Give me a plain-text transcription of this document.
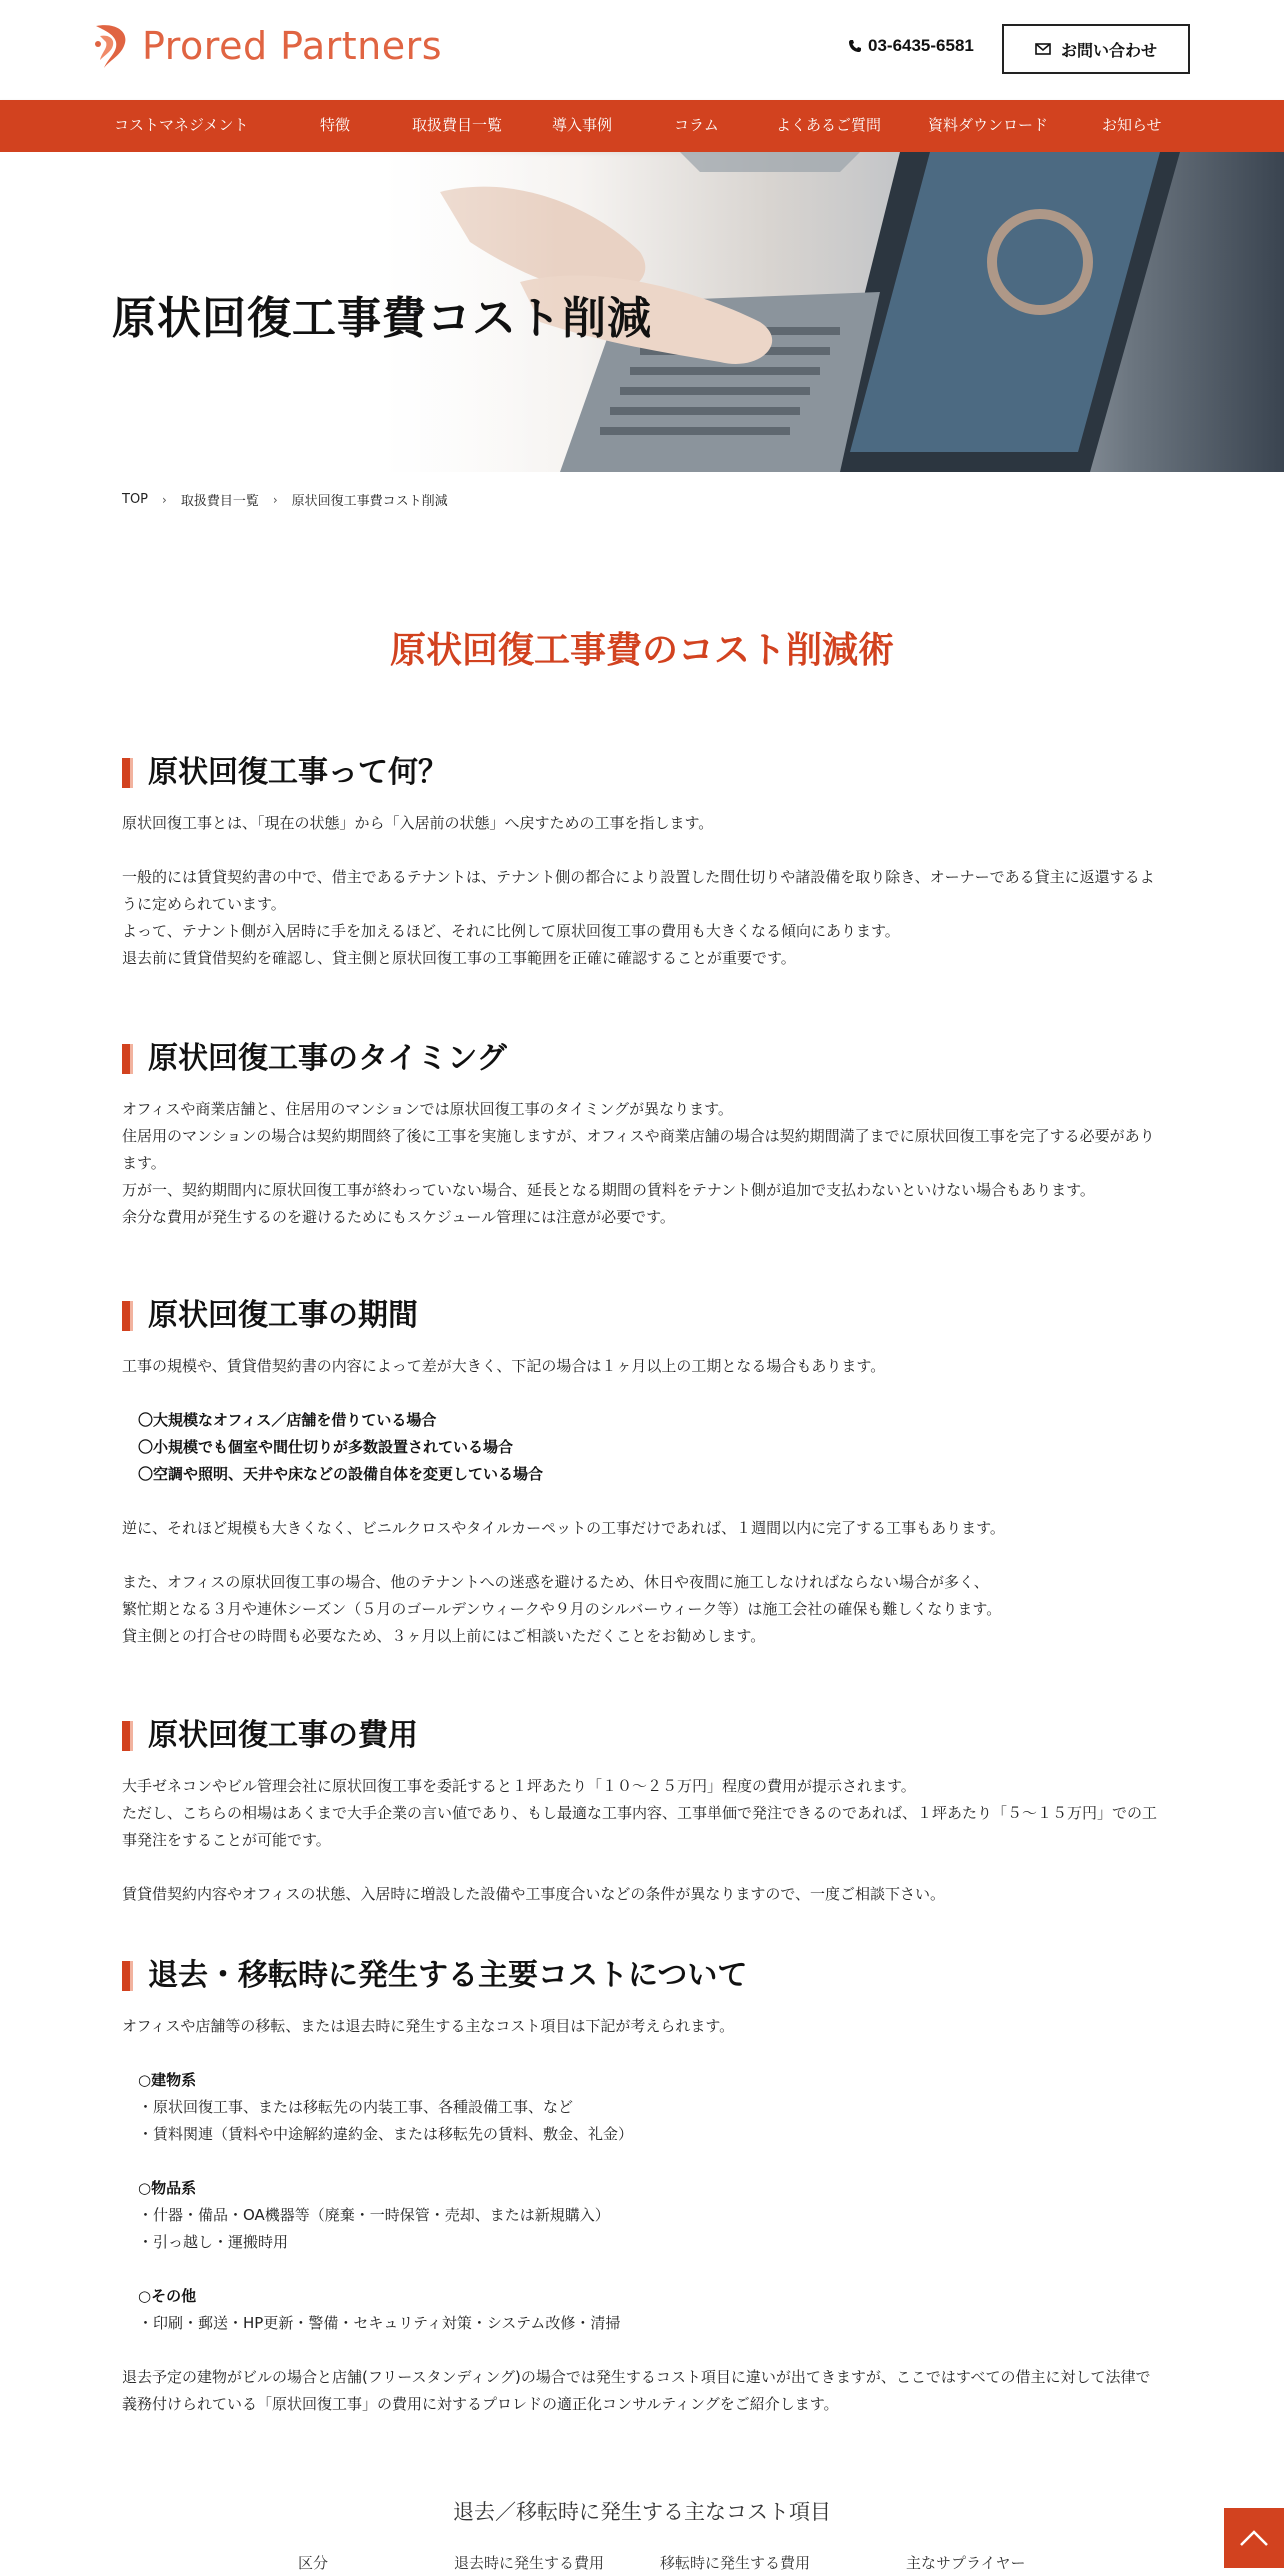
Prored Partners	03-6435-6581	お問い合わせ
コストマネジメント	特徴	取扱費目一覧	導入事例	コラム	よくあるご質問	資料ダウンロード	お知らせ
原状回復工事費コスト削減
TOP › 取扱費目一覧 › 原状回復工事費コスト削減
原状回復工事費のコスト削減術
原状回復工事って何？

原状回復工事とは、「現在の状態」から「入居前の状態」へ戻すための工事を指します。

一般的には賃貸契約書の中で、借主であるテナントは、テナント側の都合により設置した間仕切りや諸設備を取り除き、オーナーである貸主に返還するように定められています。

よって、テナント側が入居時に手を加えるほど、それに比例して原状回復工事の費用も大きくなる傾向にあります。

退去前に賃貸借契約を確認し、貸主側と原状回復工事の工事範囲を正確に確認することが重要です。

原状回復工事のタイミング

オフィスや商業店舗と、住居用のマンションでは原状回復工事のタイミングが異なります。

住居用のマンションの場合は契約期間終了後に工事を実施しますが、オフィスや商業店舗の場合は契約期間満了までに原状回復工事を完了する必要があります。

万が一、契約期間内に原状回復工事が終わっていない場合、延長となる期間の賃料をテナント側が追加で支払わないといけない場合もあります。

余分な費用が発生するのを避けるためにもスケジュール管理には注意が必要です。

原状回復工事の期間

工事の規模や、賃貸借契約書の内容によって差が大きく、下記の場合は１ヶ月以上の工期となる場合もあります。

〇大規模なオフィス／店舗を借りている場合
〇小規模でも個室や間仕切りが多数設置されている場合
〇空調や照明、天井や床などの設備自体を変更している場合

逆に、それほど規模も大きくなく、ビニルクロスやタイルカーペットの工事だけであれば、１週間以内に完了する工事もあります。

また、オフィスの原状回復工事の場合、他のテナントへの迷惑を避けるため、休日や夜間に施工しなければならない場合が多く、

繁忙期となる３月や連休シーズン（５月のゴールデンウィークや９月のシルバーウィーク等）は施工会社の確保も難しくなります。

貸主側との打合せの時間も必要なため、３ヶ月以上前にはご相談いただくことをお勧めします。

原状回復工事の費用

大手ゼネコンやビル管理会社に原状回復工事を委託すると１坪あたり「１０～２５万円」程度の費用が提示されます。

ただし、こちらの相場はあくまで大手企業の言い値であり、もし最適な工事内容、工事単価で発注できるのであれば、１坪あたり「５～１５万円」での工事発注をすることが可能です。

賃貸借契約内容やオフィスの状態、入居時に増設した設備や工事度合いなどの条件が異なりますので、一度ご相談下さい。

退去・移転時に発生する主要コストについて

オフィスや店舗等の移転、または退去時に発生する主なコスト項目は下記が考えられます。

○建物系
・原状回復工事、または移転先の内装工事、各種設備工事、など
・賃料関連（賃料や中途解約違約金、または移転先の賃料、敷金、礼金）
○物品系
・什器・備品・OA機器等（廃棄・一時保管・売却、または新規購入）
・引っ越し・運搬時用
○その他
・印刷・郵送・HP更新・警備・セキュリティ対策・システム改修・清掃

退去予定の建物がビルの場合と店舗(フリースタンディング)の場合では発生するコスト項目に違いが出てきますが、ここではすべての借主に対して法律で義務付けられている「原状回復工事」の費用に対するプロレドの適正化コンサルティングをご紹介します。

退去／移転時に発生する主なコスト項目
区分	退去時に発生する費用	移転時に発生する費用	主なサプライヤー
